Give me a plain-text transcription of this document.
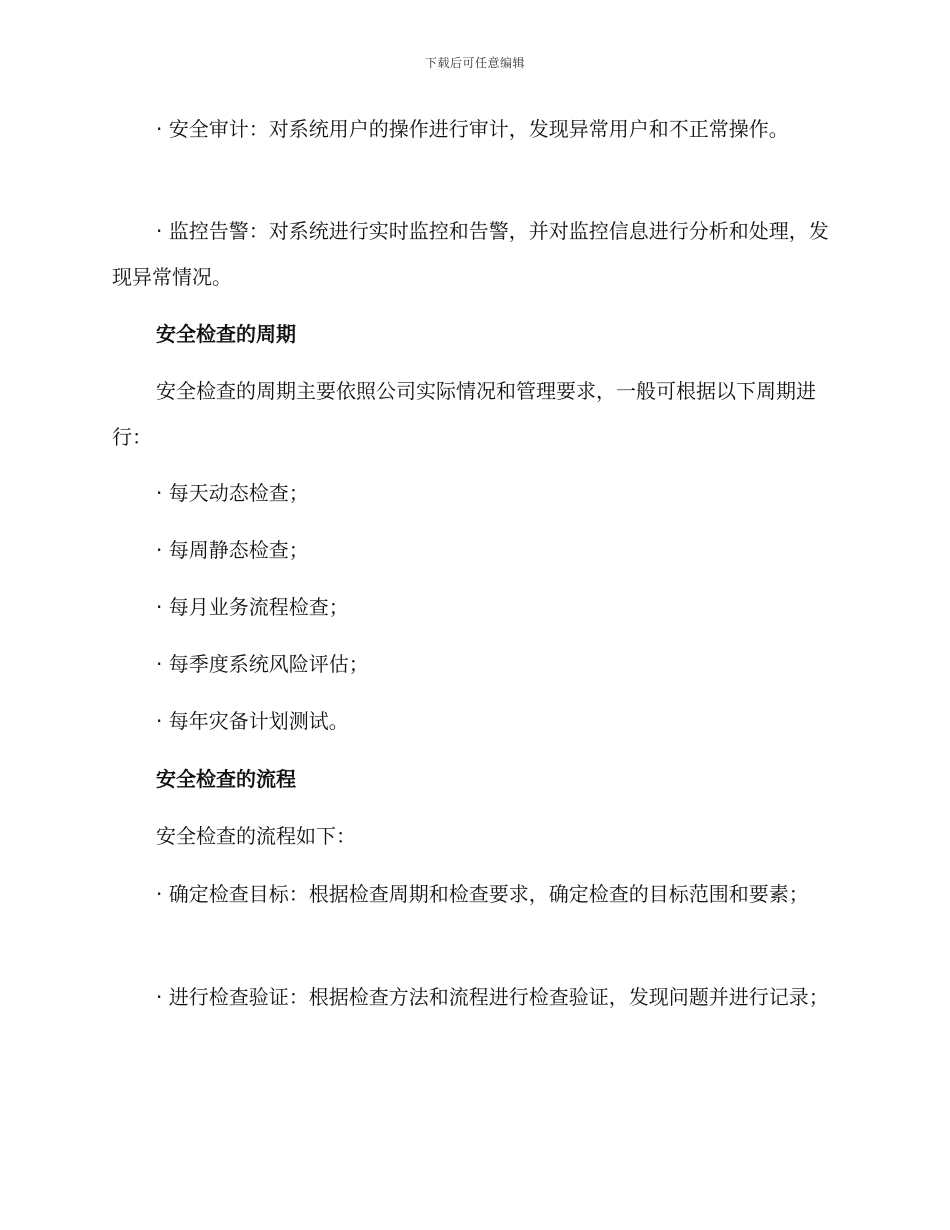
下载后可任意编辑

· 安全审计：对系统用户的操作进行审计，发现异常用户和不正常操作。

· 监控告警：对系统进行实时监控和告警，并对监控信息进行分析和处理，发现异常情况。

安全检查的周期

安全检查的周期主要依照公司实际情况和管理要求，一般可根据以下周期进行：

· 每天动态检查；

· 每周静态检查；

· 每月业务流程检查；

· 每季度系统风险评估；

· 每年灾备计划测试。

安全检查的流程

安全检查的流程如下：

· 确定检查目标：根据检查周期和检查要求，确定检查的目标范围和要素；

· 进行检查验证：根据检查方法和流程进行检查验证，发现问题并进行记录；
